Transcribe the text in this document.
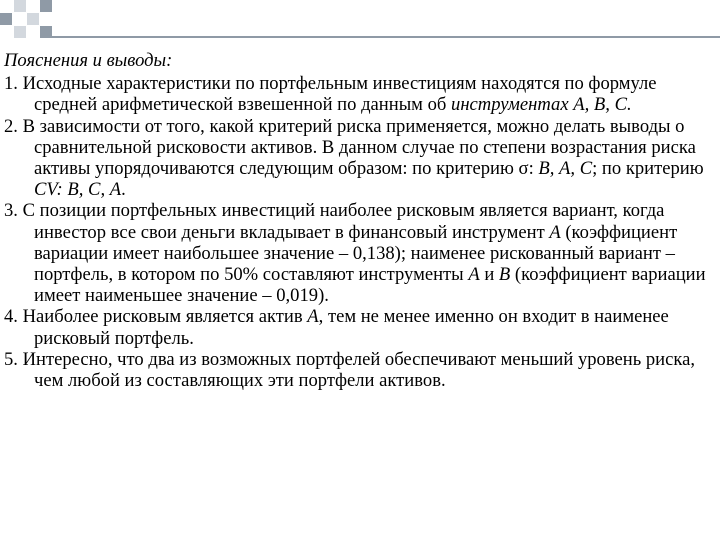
Пояснения и выводы:

1. Исходные характеристики по портфельным инвестициям находятся по формуле средней арифметической взвешенной по данным об инструментах А, В, С.

2. В зависимости от того, какой критерий риска применяется, можно делать выводы о сравнительной рисковости активов. В данном случае по степени возрастания риска активы упорядочиваются следующим образом: по критерию σ: В, А, С; по критерию CV: В, С, А.

3. С позиции портфельных инвестиций наиболее рисковым является вариант, когда инвестор все свои деньги вкладывает в финансовый инструмент А (коэффициент вариации имеет наибольшее значение – 0,138); наименее рискованный вариант – портфель, в котором по 50% составляют инструменты А и В (коэффициент вариации имеет наименьшее значение – 0,019).

4. Наиболее рисковым является актив А, тем не менее именно он входит в наименее рисковый портфель.

5. Интересно, что два из возможных портфелей обеспечивают меньший уровень риска, чем любой из составляющих эти портфели активов.
